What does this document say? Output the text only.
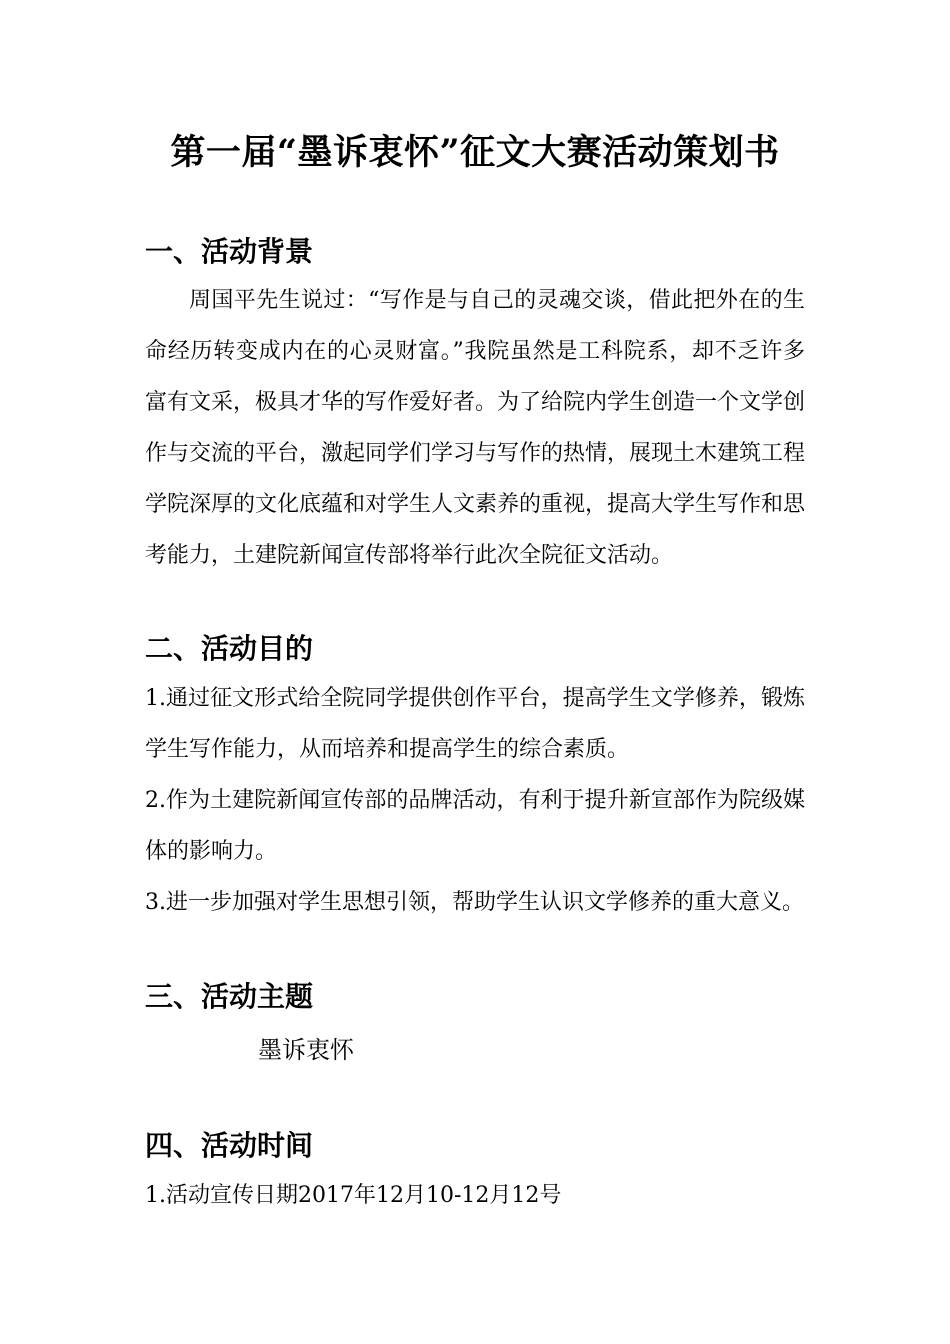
第一届“墨诉衷怀”征文大赛活动策划书
一、活动背景

周国平先生说过：“写作是与自己的灵魂交谈，借此把外在的生命经历转变成内在的心灵财富。”我院虽然是工科院系，却不乏许多富有文采，极具才华的写作爱好者。为了给院内学生创造一个文学创作与交流的平台，激起同学们学习与写作的热情，展现土木建筑工程学院深厚的文化底蕴和对学生人文素养的重视，提高大学生写作和思考能力，土建院新闻宣传部将举行此次全院征文活动。

二、活动目的

1.通过征文形式给全院同学提供创作平台，提高学生文学修养，锻炼学生写作能力，从而培养和提高学生的综合素质。

2.作为土建院新闻宣传部的品牌活动，有利于提升新宣部作为院级媒体的影响力。

3.进一步加强对学生思想引领，帮助学生认识文学修养的重大意义。

三、活动主题

墨诉衷怀

四、活动时间

1.活动宣传日期2017年12月10-12月12号
